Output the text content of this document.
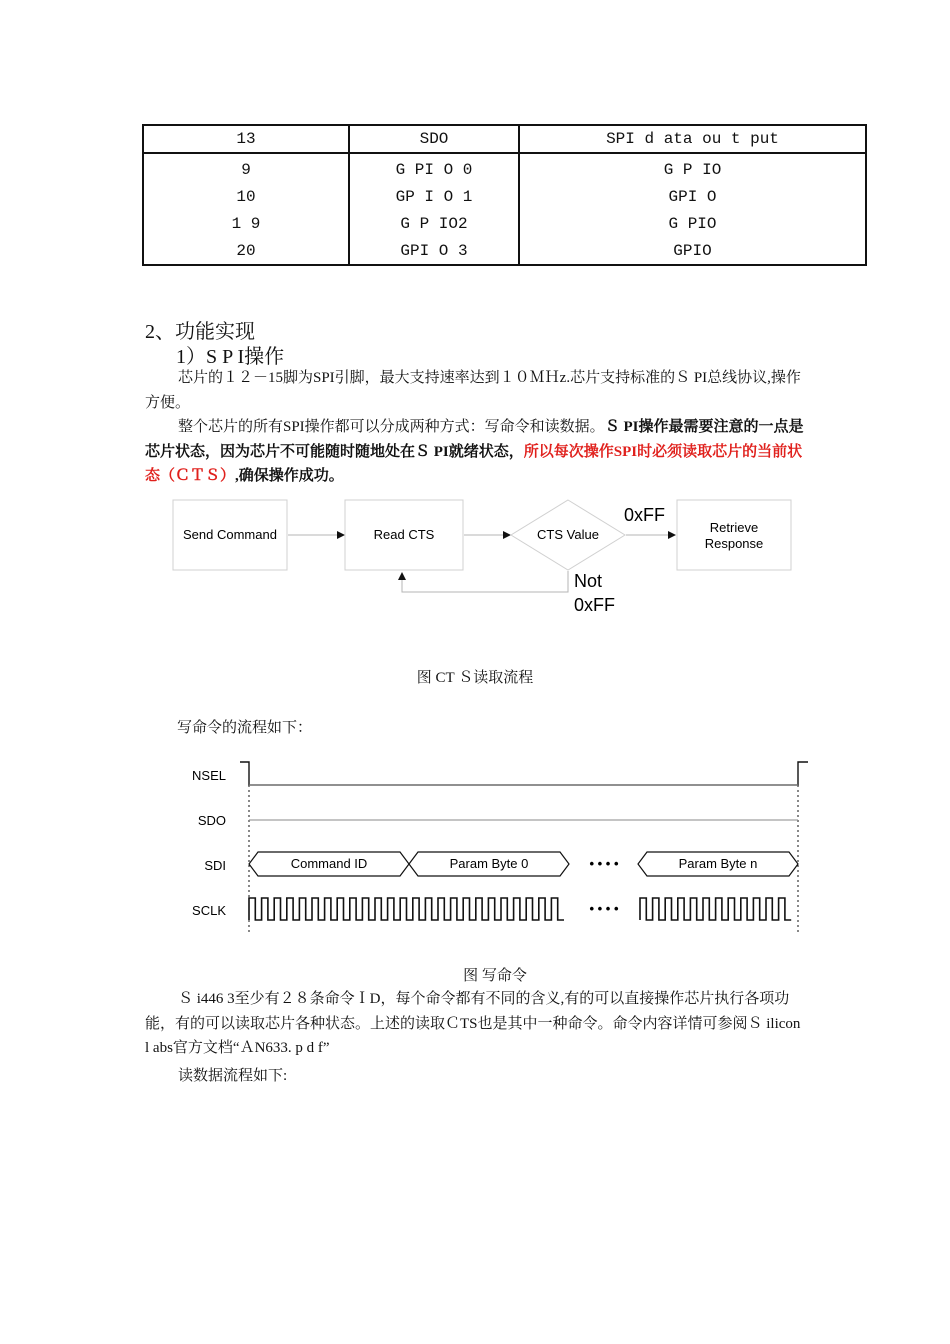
13	SDO	SPI d ata ou t put
9	G PI O 0	G P IO
10	GP I O 1	GPI O
1 9	G P IO2	G PIO
20	GPI O 3	GPIO
2、功能实现
1）S P I操作

芯片的１２－15脚为SPI引脚，最大支持速率达到１０ＭＨz.芯片支持标准的Ｓ PI总线协议,操作方便。

整个芯片的所有SPI操作都可以分成两种方式：写命令和读数据。Ｓ PI操作最需要注意的一点是芯片状态，因为芯片不可能随时随地处在Ｓ PI就绪状态，所以每次操作SPI时必须读取芯片的当前状态（ＣＴＳ）,确保操作成功。

Send Command	Read CTS	CTS Value
0xFF
Retrieve
Response
Not
0xFF
图 CT Ｓ读取流程
写命令的流程如下：
NSEL
SDO
SDI
SCLK
Command ID	Param Byte 0	• • • •	Param Byte n
• • • •
图 写命令

Ｓ i446 3至少有２８条命令ＩD，每个命令都有不同的含义,有的可以直接操作芯片执行各项功能，有的可以读取芯片各种状态。上述的读取ＣTS也是其中一种命令。命令内容详情可参阅Ｓ ilicon l abs官方文档“ＡN633. p d f”

读数据流程如下:
